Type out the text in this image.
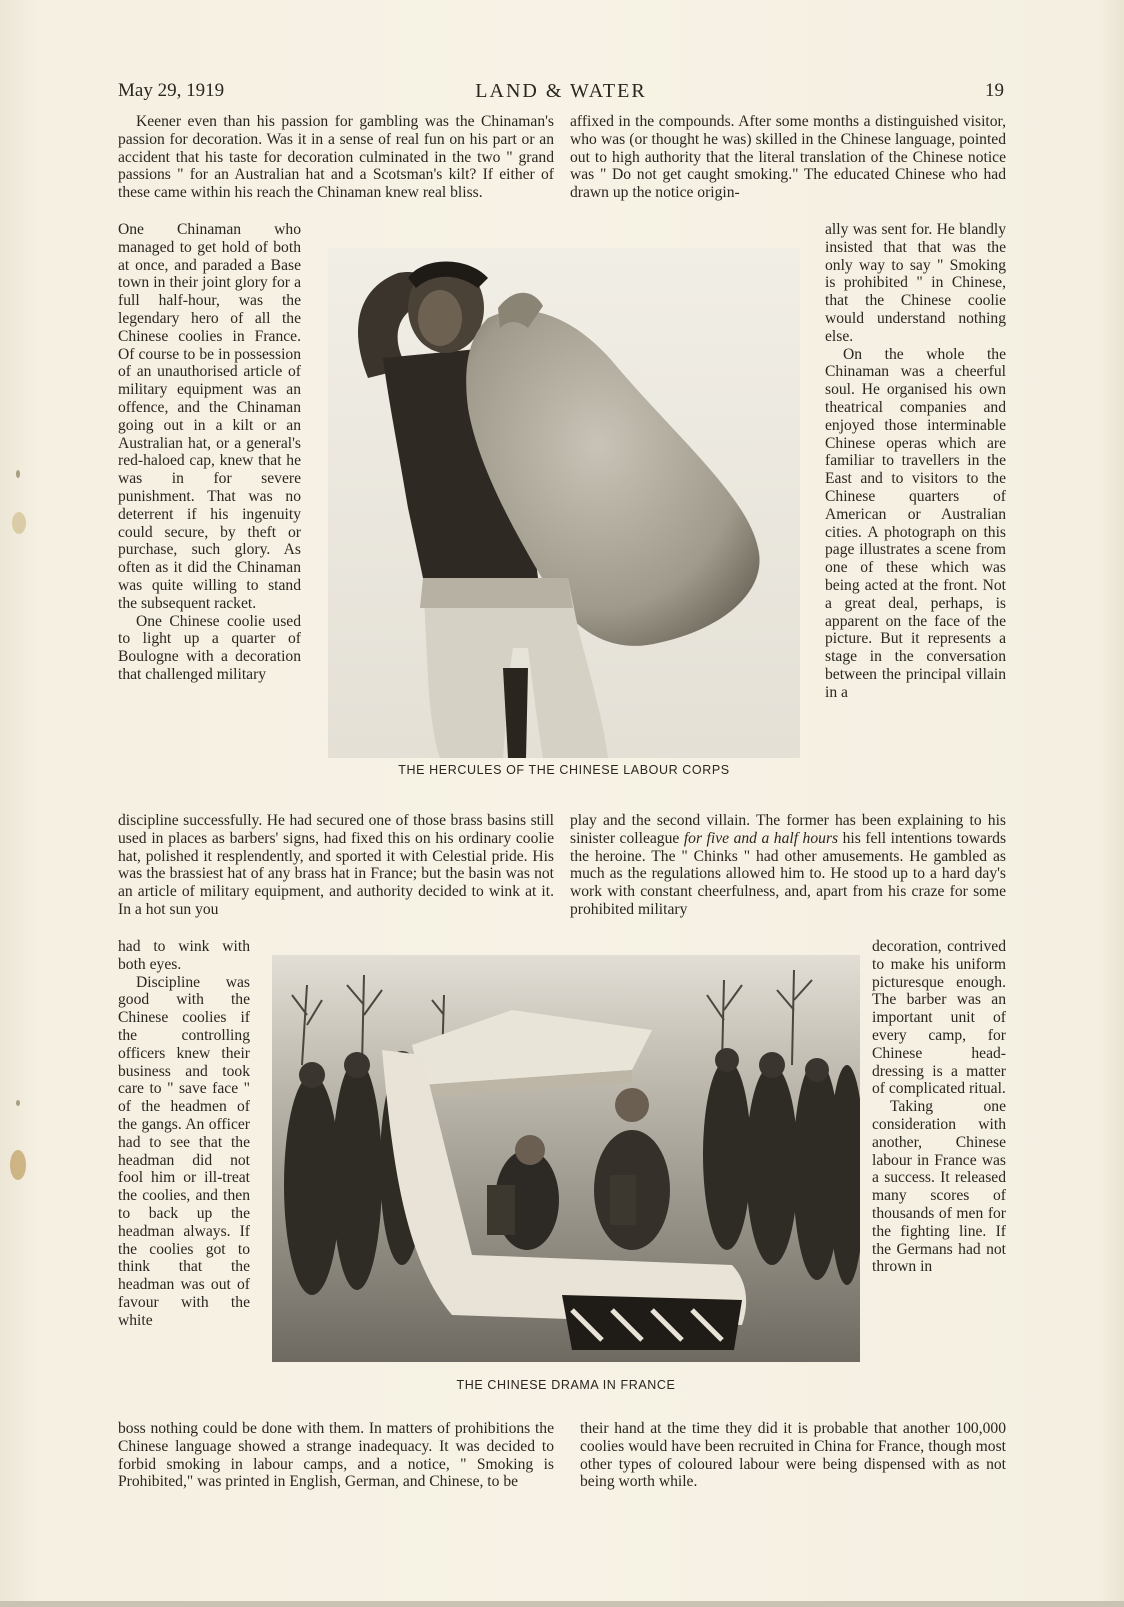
LAND & WATER
May 29, 1919	19

Keener even than his passion for gambling was the Chinaman's passion for decoration. Was it in a sense of real fun on his part or an accident that his taste for decoration culminated in the two " grand passions " for an Australian hat and a Scotsman's kilt? If either of these came within his reach the Chinaman knew real bliss.

One Chinaman who managed to get hold of both at once, and paraded a Base town in their joint glory for a full half-hour, was the legendary hero of all the Chinese coolies in France. Of course to be in possession of an unauthorised article of military equipment was an offence, and the Chinaman going out in a kilt or an Australian hat, or a general's red-haloed cap, knew that he was in for severe punishment. That was no deterrent if his ingenuity could secure, by theft or purchase, such glory. As often as it did the Chinaman was quite willing to stand the subsequent racket.

One Chinese coolie used to light up a quarter of Boulogne with a decoration that challenged military

discipline successfully. He had secured one of those brass basins still used in places as barbers' signs, had fixed this on his ordinary coolie hat, polished it resplendently, and sported it with Celestial pride. His was the brassiest hat of any brass hat in France; but the basin was not an article of military equipment, and authority decided to wink at it. In a hot sun you

had to wink with both eyes.

Discipline was good with the Chinese coolies if the controlling officers knew their business and took care to " save face " of the headmen of the gangs. An officer had to see that the headman did not fool him or ill-treat the coolies, and then to back up the headman always. If the coolies got to think that the headman was out of favour with the white

boss nothing could be done with them. In matters of prohibitions the Chinese language showed a strange inadequacy. It was decided to forbid smoking in labour camps, and a notice, " Smoking is Prohibited," was printed in English, German, and Chinese, to be

affixed in the compounds. After some months a distinguished visitor, who was (or thought he was) skilled in the Chinese language, pointed out to high authority that the literal translation of the Chinese notice was " Do not get caught smoking." The educated Chinese who had drawn up the notice origin-

ally was sent for. He blandly insisted that that was the only way to say " Smoking is prohibited " in Chinese, that the Chinese coolie would understand nothing else.

On the whole the Chinaman was a cheerful soul. He organised his own theatrical companies and enjoyed those interminable Chinese operas which are familiar to travellers in the East and to visitors to the Chinese quarters of American or Australian cities. A photograph on this page illustrates a scene from one of these which was being acted at the front. Not a great deal, perhaps, is apparent on the face of the picture. But it represents a stage in the conversation between the principal villain in a

play and the second villain. The former has been explaining to his sinister colleague for five and a half hours his fell intentions towards the heroine. The " Chinks " had other amusements. He gambled as much as the regulations allowed him to. He stood up to a hard day's work with constant cheerfulness, and, apart from his craze for some prohibited military

decoration, contrived to make his uniform picturesque enough. The barber was an important unit of every camp, for Chinese head-dressing is a matter of complicated ritual.

Taking one consideration with another, Chinese labour in France was a success. It released many scores of thousands of men for the fighting line. If the Germans had not thrown in

their hand at the time they did it is probable that another 100,000 coolies would have been recruited in China for France, though most other types of coloured labour were being dispensed with as not being worth while.

THE HERCULES OF THE CHINESE LABOUR CORPS
THE CHINESE DRAMA IN FRANCE
